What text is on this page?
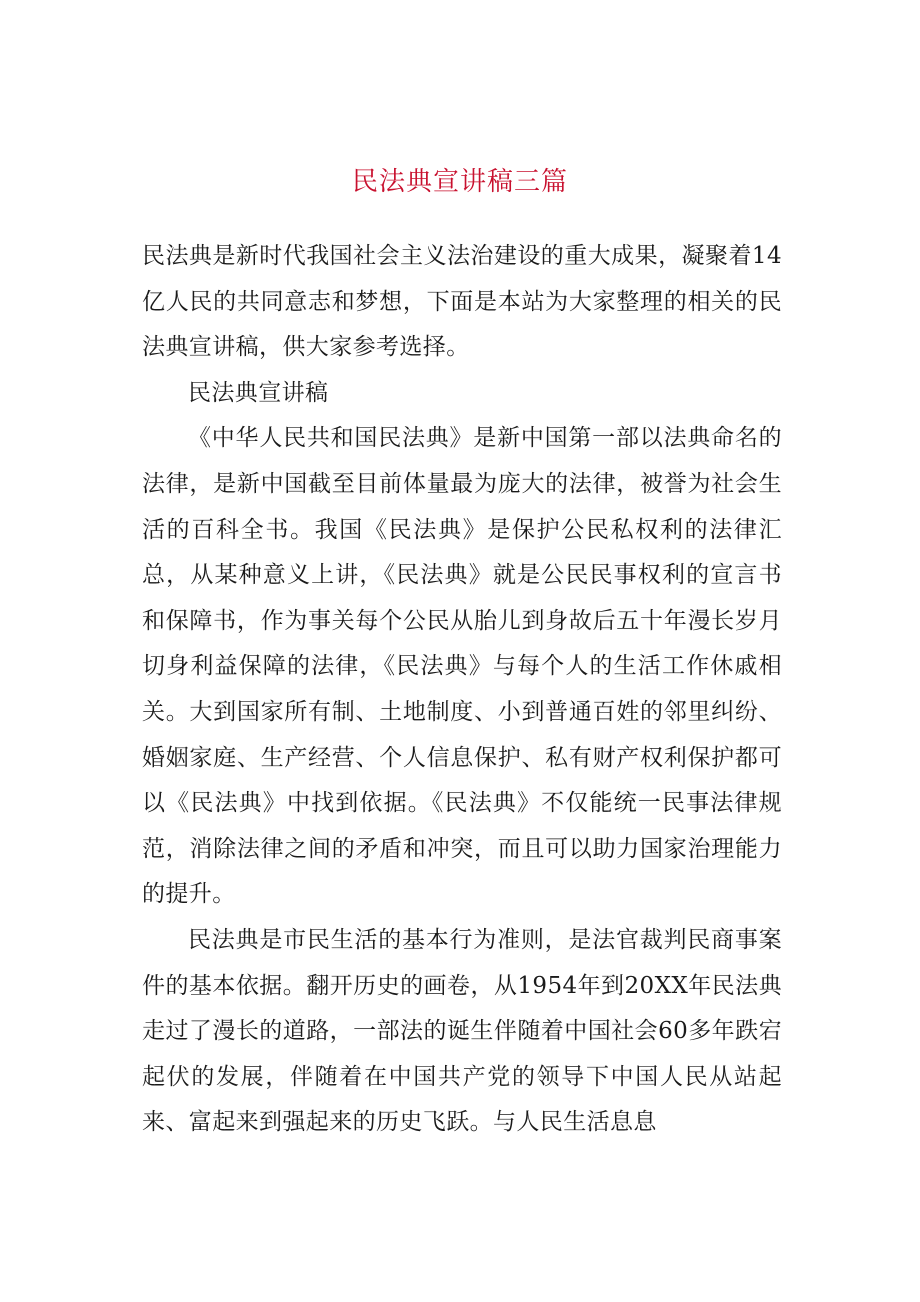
民法典宣讲稿三篇

民法典是新时代我国社会主义法治建设的重大成果，凝聚着14亿人民的共同意志和梦想，下面是本站为大家整理的相关的民法典宣讲稿，供大家参考选择。

民法典宣讲稿

《中华人民共和国民法典》是新中国第一部以法典命名的法律，是新中国截至目前体量最为庞大的法律，被誉为社会生活的百科全书。我国《民法典》是保护公民私权利的法律汇总，从某种意义上讲，《民法典》就是公民民事权利的宣言书和保障书，作为事关每个公民从胎儿到身故后五十年漫长岁月切身利益保障的法律，《民法典》与每个人的生活工作休戚相关。大到国家所有制、土地制度、小到普通百姓的邻里纠纷、婚姻家庭、生产经营、个人信息保护、私有财产权利保护都可以《民法典》中找到依据。《民法典》不仅能统一民事法律规范，消除法律之间的矛盾和冲突，而且可以助力国家治理能力的提升。

民法典是市民生活的基本行为准则，是法官裁判民商事案件的基本依据。翻开历史的画卷，从1954年到20XX年民法典走过了漫长的道路，一部法的诞生伴随着中国社会60多年跌宕起伏的发展，伴随着在中国共产党的领导下中国人民从站起来、富起来到强起来的历史飞跃。与人民生活息息
